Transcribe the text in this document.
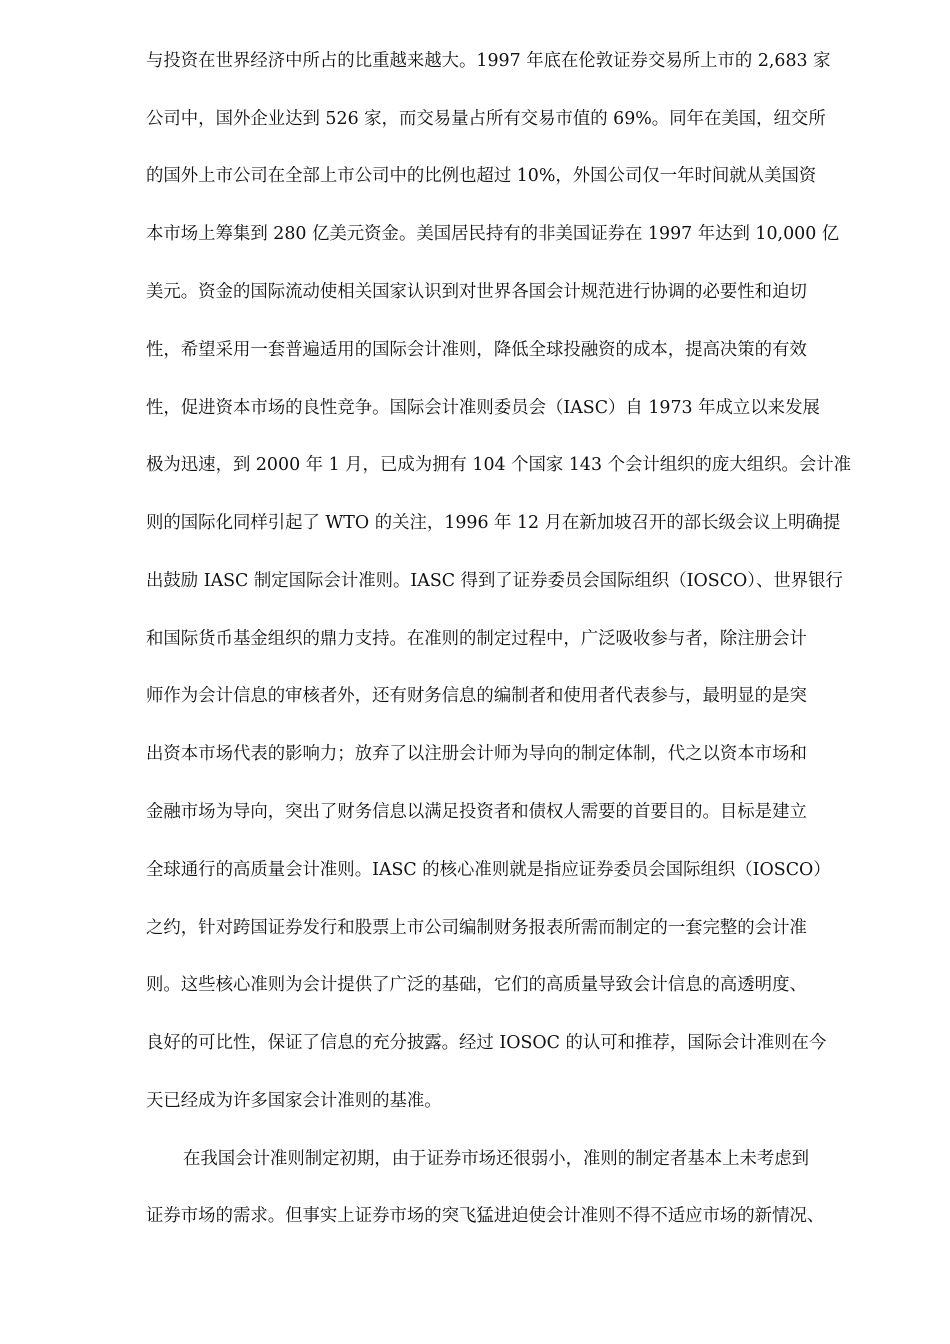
与投资在世界经济中所占的比重越来越大。1997 年底在伦敦证券交易所上市的 2,683 家
公司中，国外企业达到 526 家，而交易量占所有交易市值的 69%。同年在美国，纽交所
的国外上市公司在全部上市公司中的比例也超过 10%，外国公司仅一年时间就从美国资
本市场上筹集到 280 亿美元资金。美国居民持有的非美国证券在 1997 年达到 10,000 亿
美元。资金的国际流动使相关国家认识到对世界各国会计规范进行协调的必要性和迫切
性，希望采用一套普遍适用的国际会计准则，降低全球投融资的成本，提高决策的有效
性，促进资本市场的良性竞争。国际会计准则委员会（IASC）自 1973 年成立以来发展
极为迅速，到 2000 年 1 月，已成为拥有 104 个国家 143 个会计组织的庞大组织。会计准
则的国际化同样引起了 WTO 的关注，1996 年 12 月在新加坡召开的部长级会议上明确提
出鼓励 IASC 制定国际会计准则。IASC 得到了证券委员会国际组织（IOSCO）、世界银行
和国际货币基金组织的鼎力支持。在准则的制定过程中，广泛吸收参与者，除注册会计
师作为会计信息的审核者外，还有财务信息的编制者和使用者代表参与，最明显的是突
出资本市场代表的影响力；放弃了以注册会计师为导向的制定体制，代之以资本市场和
金融市场为导向，突出了财务信息以满足投资者和债权人需要的首要目的。目标是建立
全球通行的高质量会计准则。IASC 的核心准则就是指应证券委员会国际组织（IOSCO）
之约，针对跨国证券发行和股票上市公司编制财务报表所需而制定的一套完整的会计准
则。这些核心准则为会计提供了广泛的基础，它们的高质量导致会计信息的高透明度、
良好的可比性，保证了信息的充分披露。经过 IOSOC 的认可和推荐，国际会计准则在今
天已经成为许多国家会计准则的基准。
在我国会计准则制定初期，由于证券市场还很弱小，准则的制定者基本上未考虑到
证券市场的需求。但事实上证券市场的突飞猛进迫使会计准则不得不适应市场的新情况、
